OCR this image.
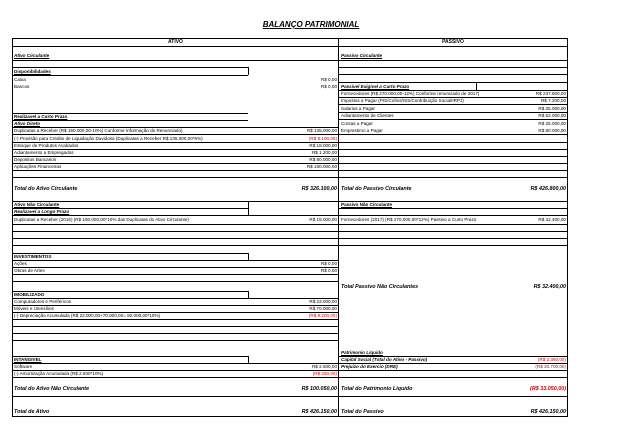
BALANÇO PATRIMONIAL
ATIVO	PASSIVO
Ativo Circulante
Disponibilidades
Caixa	R$ 0,00
Bancos	R$ 0,00
Realizavel a Curto Prazo
Ativo Direto
Duplicatas a Receber (R$ 150.000,00-10%) Conforme Informação do Renunciado)	R$ 135.000,00
(-) Provisão para Credito de Liquidação Duvidosa (Duplicatas a Receber R$ 135.000,00*6%)	(R$ 8.100,00)
Estoque de Produtos Acabados	R$ 18.000,00
Adiantamento a Empregados	R$ 1.200,00
Depositos Bancarios	R$ 80.000,00
Aplicações Financeiras	R$ 100.000,00
Total do Ativo Circulante	R$ 326.100,00
Ativo Não Circulante
Realizavel a Longo Prazo
Duplicatas a Receber (2016) (R$ 150.000,00*10% das Duplicatas do Ativo Circulante)	R$ 15.000,00
INVESTIMENTOS
Ações	R$ 0,00
Obras de Artes	R$ 0,00
IMOBILIZADO
Computadores e Periféricos	R$ 22.000,00
Móveis e Utensílios	R$ 70.000,00
(-) Depreciação Acumulada (R$ 22.000,00+70.000,00= 92.000,00*10%)	(R$ 9.200,00)
INTANGIVEL
Software	R$ 2.500,00
(-) Amortização Acumulada (R$ 2.500*10%)	(R$ 250,00)
Total do Ativo Não Circulante	R$ 100.050,00
Total de Ativo	R$ 426.150,00
Passivo Circulante
Passivel Exigivel a Curto Prazo
Fornecedores (R$ 270.000,00-12%) Conforme renunciado de 2017)	R$ 237.600,00
Impostos a Pagar (PIS/Cofins/ISS/Contribuição Social/IRPJ)	R$ 7.200,00
Salarios a Pagar	R$ 25.000,00
Adiantamento de Clientes	R$ 52.000,00
Contas a Pagar	R$ 25.000,00
Emprestimo a Pagar	R$ 80.000,00
Total do Passivo Circulante	R$ 426.800,00
Passivo Não Circulante
Fornecedores (2017) (R$ 270.000,00*12%) Passivo a Curto Prazo	R$ 32.400,00
Total Passivo Não Circulantes	R$ 32.400,00
Patrimonio Liquido
Capital Social (Total do Ativo - Passivo)	(R$ 2.350,00)
Prejuizo do Exercio (DRE)	(R$ 30.700,00)
Total do Patrimonio Liquido	(R$ 33.050,00)
Total do Passivo	R$ 426.150,00
